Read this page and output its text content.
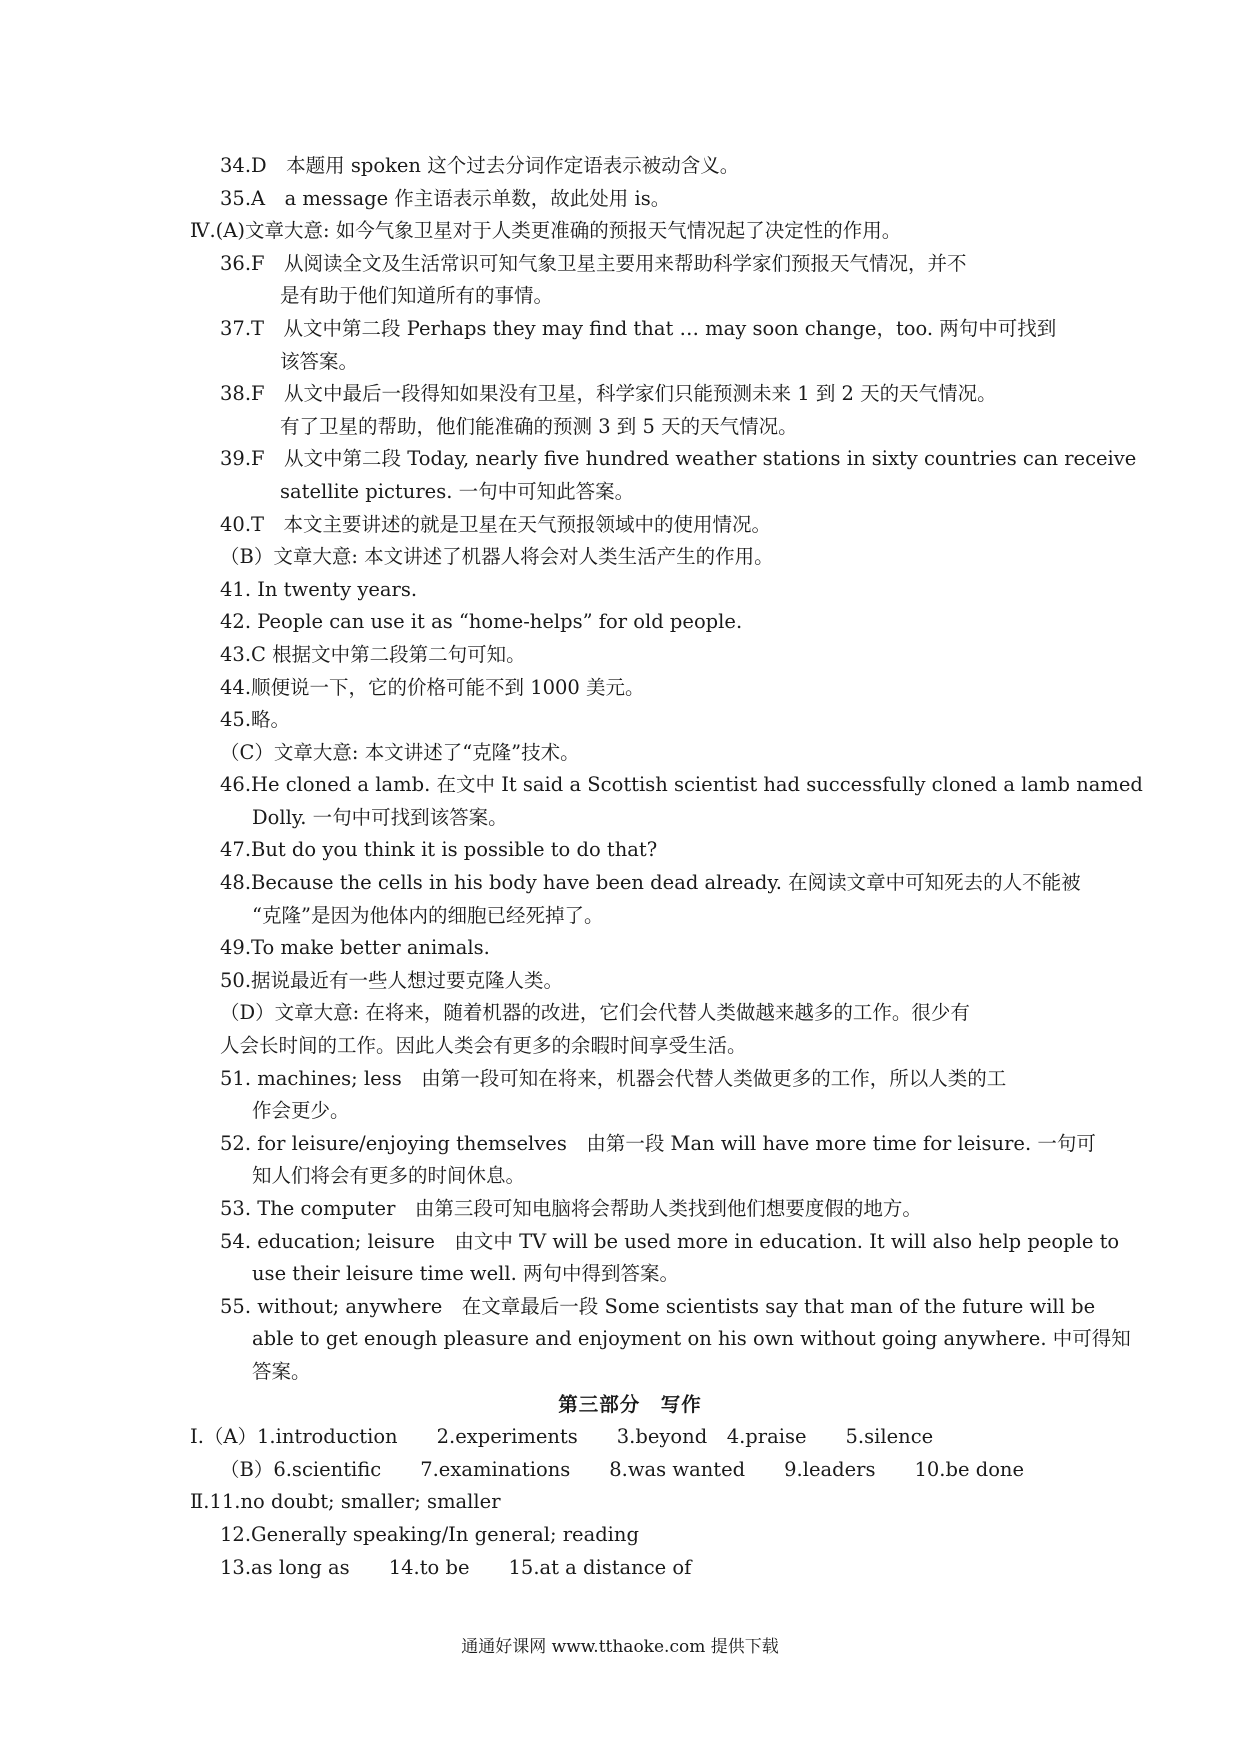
34.D　本题用 spoken 这个过去分词作定语表示被动含义。
35.A　a message 作主语表示单数，故此处用 is。
Ⅳ.(A)文章大意: 如今气象卫星对于人类更准确的预报天气情况起了决定性的作用。
36.F　从阅读全文及生活常识可知气象卫星主要用来帮助科学家们预报天气情况，并不
是有助于他们知道所有的事情。
37.T　从文中第二段 Perhaps they may find that … may soon change，too. 两句中可找到
该答案。
38.F　从文中最后一段得知如果没有卫星，科学家们只能预测未来 1 到 2 天的天气情况。
有了卫星的帮助，他们能准确的预测 3 到 5 天的天气情况。
39.F　从文中第二段 Today, nearly five hundred weather stations in sixty countries can receive
satellite pictures. 一句中可知此答案。
40.T　本文主要讲述的就是卫星在天气预报领域中的使用情况。
（B）文章大意: 本文讲述了机器人将会对人类生活产生的作用。
41. In twenty years.
42. People can use it as “home-helps” for old people.
43.C 根据文中第二段第二句可知。
44.顺便说一下，它的价格可能不到 1000 美元。
45.略。
（C）文章大意: 本文讲述了“克隆”技术。
46.He cloned a lamb. 在文中 It said a Scottish scientist had successfully cloned a lamb named
Dolly. 一句中可找到该答案。
47.But do you think it is possible to do that?
48.Because the cells in his body have been dead already. 在阅读文章中可知死去的人不能被
“克隆”是因为他体内的细胞已经死掉了。
49.To make better animals.
50.据说最近有一些人想过要克隆人类。
（D）文章大意: 在将来，随着机器的改进，它们会代替人类做越来越多的工作。很少有
人会长时间的工作。因此人类会有更多的余暇时间享受生活。
51. machines; less　由第一段可知在将来，机器会代替人类做更多的工作，所以人类的工
作会更少。
52. for leisure/enjoying themselves　由第一段 Man will have more time for leisure. 一句可
知人们将会有更多的时间休息。
53. The computer　由第三段可知电脑将会帮助人类找到他们想要度假的地方。
54. education; leisure　由文中 TV will be used more in education. It will also help people to
use their leisure time well. 两句中得到答案。
55. without; anywhere　在文章最后一段 Some scientists say that man of the future will be
able to get enough pleasure and enjoyment on his own without going anywhere. 中可得知
答案。
第三部分　写作
Ⅰ.（A）1.introduction　　2.experiments　　3.beyond　4.praise　　5.silence
（B）6.scientific　　7.examinations　　8.was wanted　　9.leaders　　10.be done
Ⅱ.11.no doubt; smaller; smaller
12.Generally speaking/In general; reading
13.as long as　　14.to be　　15.at a distance of
通通好课网 www.tthaoke.com 提供下载
